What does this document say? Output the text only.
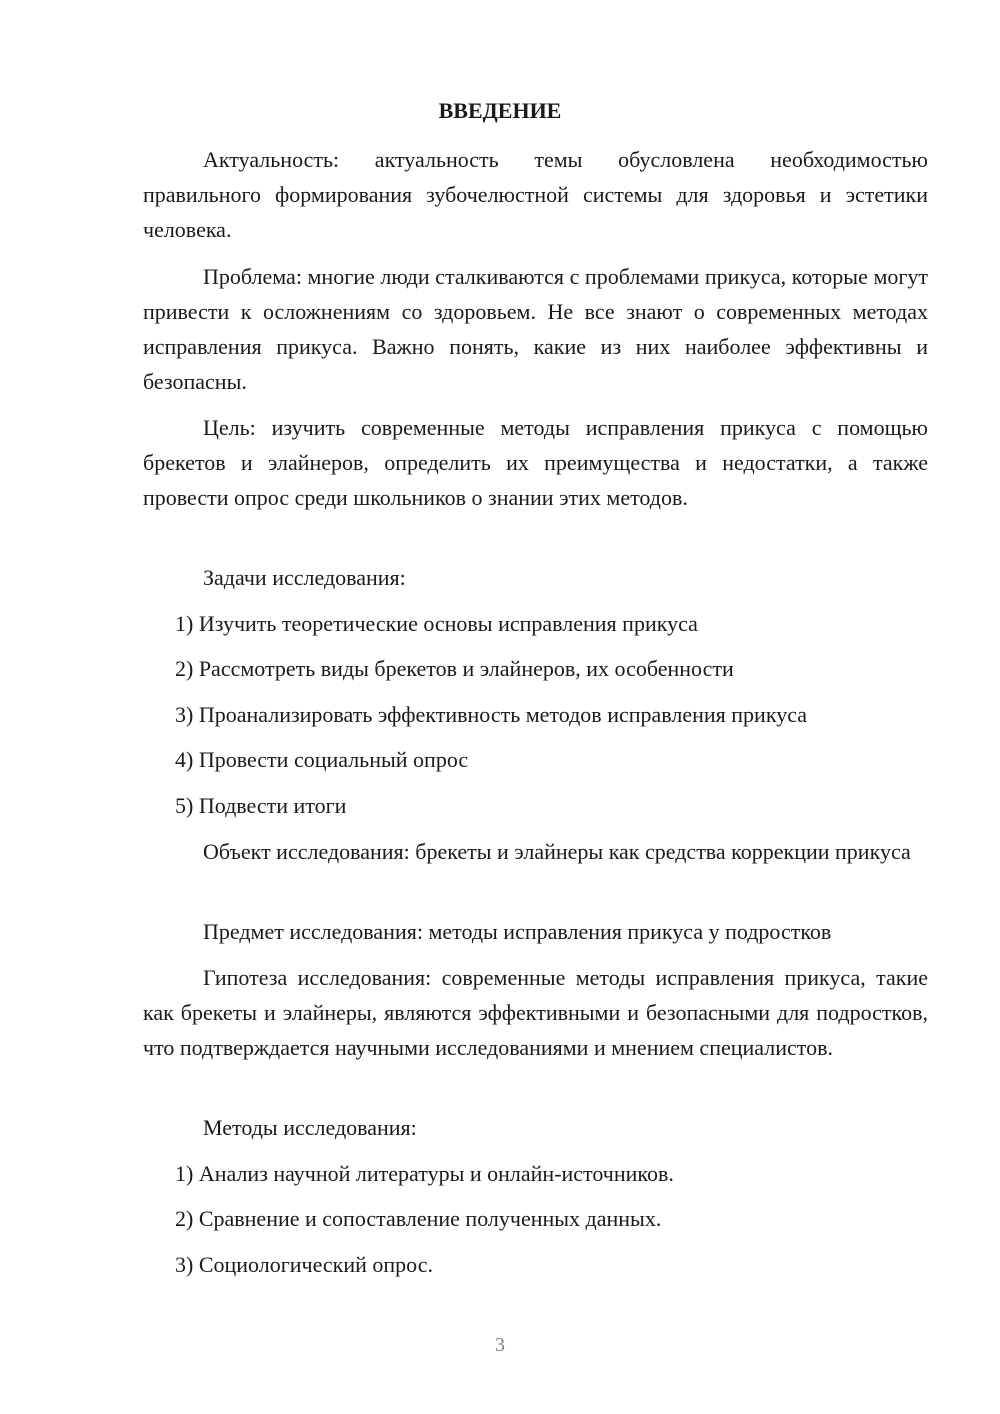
ВВЕДЕНИЕ

Актуальность: актуальность темы обусловлена необходимостью правильного формирования зубочелюстной системы для здоровья и эстетики человека.

Проблема: многие люди сталкиваются с проблемами прикуса, которые могут привести к осложнениям со здоровьем. Не все знают о современных методах исправления прикуса. Важно понять, какие из них наиболее эффективны и безопасны.

Цель: изучить современные методы исправления прикуса с помощью брекетов и элайнеров, определить их преимущества и недостатки, а также провести опрос среди школьников о знании этих методов.

Задачи исследования:

1) Изучить теоретические основы исправления прикуса

2) Рассмотреть виды брекетов и элайнеров, их особенности

3) Проанализировать эффективность методов исправления прикуса

4) Провести социальный опрос

5) Подвести итоги

Объект исследования: брекеты и элайнеры как средства коррекции прикуса

Предмет исследования: методы исправления прикуса у подростков

Гипотеза исследования: современные методы исправления прикуса, такие как брекеты и элайнеры, являются эффективными и безопасными для подростков, что подтверждается научными исследованиями и мнением специалистов.

Методы исследования:

1) Анализ научной литературы и онлайн-источников.

2) Сравнение и сопоставление полученных данных.

3) Социологический опрос.

3
